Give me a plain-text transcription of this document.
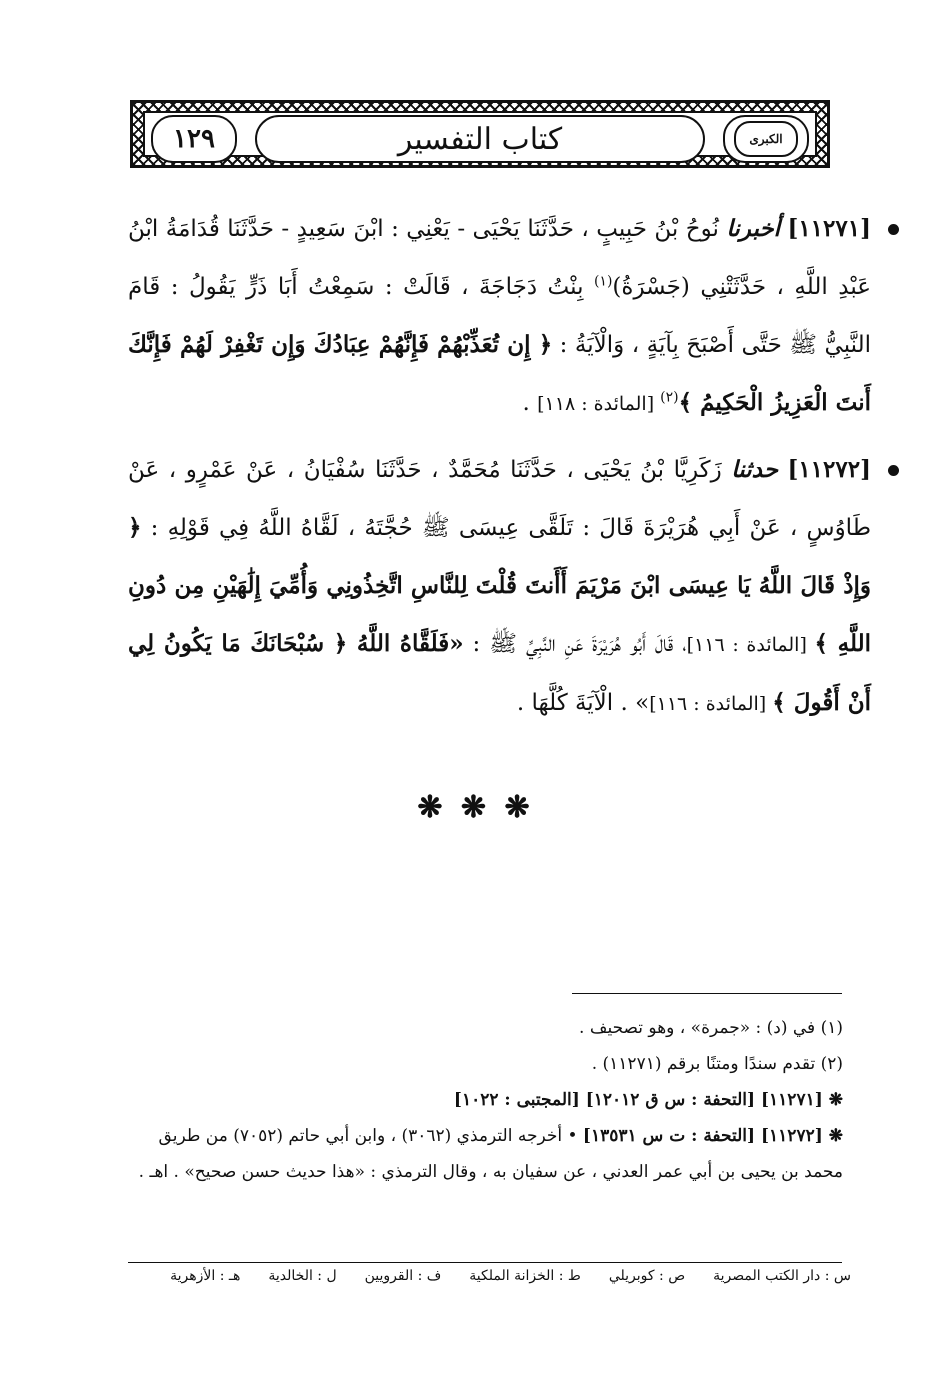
الكبرى
كتاب التفسير
١٢٩

[١١٢٧١] أخبرنا نُوحُ بْنُ حَبِيبٍ ، حَدَّثَنَا يَحْيَى - يَعْنِي : ابْنَ سَعِيدٍ - حَدَّثَنَا قُدَامَةُ ابْنُ عَبْدِ اللَّهِ ، حَدَّثَتْنِي (جَسْرَةُ)$^{(١)}$ بِنْتُ دَجَاجَةَ ، قَالَتْ : سَمِعْتُ أَبَا ذَرٍّ يَقُولُ : قَامَ النَّبِيُّ ﷺ حَتَّى أَصْبَحَ بِآيَةٍ ، وَالْآيَةُ : ﴿ إِن تُعَذِّبْهُمْ فَإِنَّهُمْ عِبَادُكَ وَإِن تَغْفِرْ لَهُمْ فَإِنَّكَ أَنتَ الْعَزِيزُ الْحَكِيمُ ﴾$^{(٢)}$ [المائدة : ١١٨] .

[١١٢٧٢] حدثنا زَكَرِيَّا بْنُ يَحْيَى ، حَدَّثَنَا مُحَمَّدٌ ، حَدَّثَنَا سُفْيَانُ ، عَنْ عَمْرٍو ، عَنْ طَاوُسٍ ، عَنْ أَبِي هُرَيْرَةَ قَالَ : تَلَقَّى عِيسَى ﷺ حُجَّتَهُ ، لَقَّاهُ اللَّهُ فِي قَوْلِهِ : ﴿ وَإِذْ قَالَ اللَّهُ يَا عِيسَى ابْنَ مَرْيَمَ أَأَنتَ قُلْتَ لِلنَّاسِ اتَّخِذُونِي وَأُمِّيَ إِلَٰهَيْنِ مِن دُونِ اللَّهِ ﴾ [المائدة : ١١٦]، قَالَ أَبُو هُرَيْرَةَ عَنِ النَّبِيِّ ﷺ : «فَلَقَّاهُ اللَّهُ ﴿ سُبْحَانَكَ مَا يَكُونُ لِي أَنْ أَقُولَ ﴾ [المائدة : ١١٦]» . الْآيَةَ كُلَّهَا .

❋ ❋ ❋

(١) في (د) : «جمرة» ، وهو تصحيف .

(٢) تقدم سندًا ومتنًا برقم (١١٢٧١) .

❋[١١٢٧١] [التحفة : س ق ١٢٠١٢] [المجتبى : ١٠٢٢]

❋[١١٢٧٢] [التحفة : ت س ١٣٥٣١] • أخرجه الترمذي (٣٠٦٢) ، وابن أبي حاتم (٧٠٥٢) من طريق محمد بن يحيى بن أبي عمر العدني ، عن سفيان به ، وقال الترمذي : «هذا حديث حسن صحيح» . اهـ .

س : دار الكتب المصرية
ص : كوبريلي
ط : الخزانة الملكية
ف : القرويين
ل : الخالدية
هـ : الأزهرية
